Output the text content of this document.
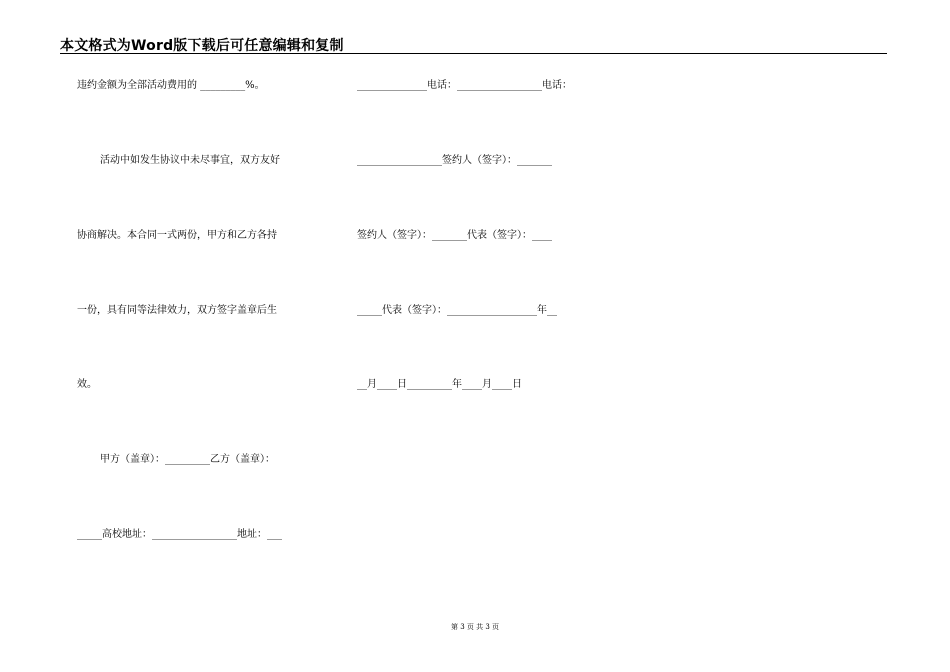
本文格式为Word版下载后可任意编辑和复制
违约金额为全部活动费用的 _________%。
活动中如发生协议中未尽事宜，双方友好
协商解决。本合同一式两份，甲方和乙方各持
一份，具有同等法律效力，双方签字盖章后生
效。
甲方（盖章）：_________乙方（盖章）：
_____高校地址：_________________地址：___
______________电话：_________________电话：
_________________签约人（签字）：_______
签约人（签字）：_______代表（签字）：____
_____代表（签字）：__________________年__
__月____日_________年____月____日
第 3 页 共 3 页
